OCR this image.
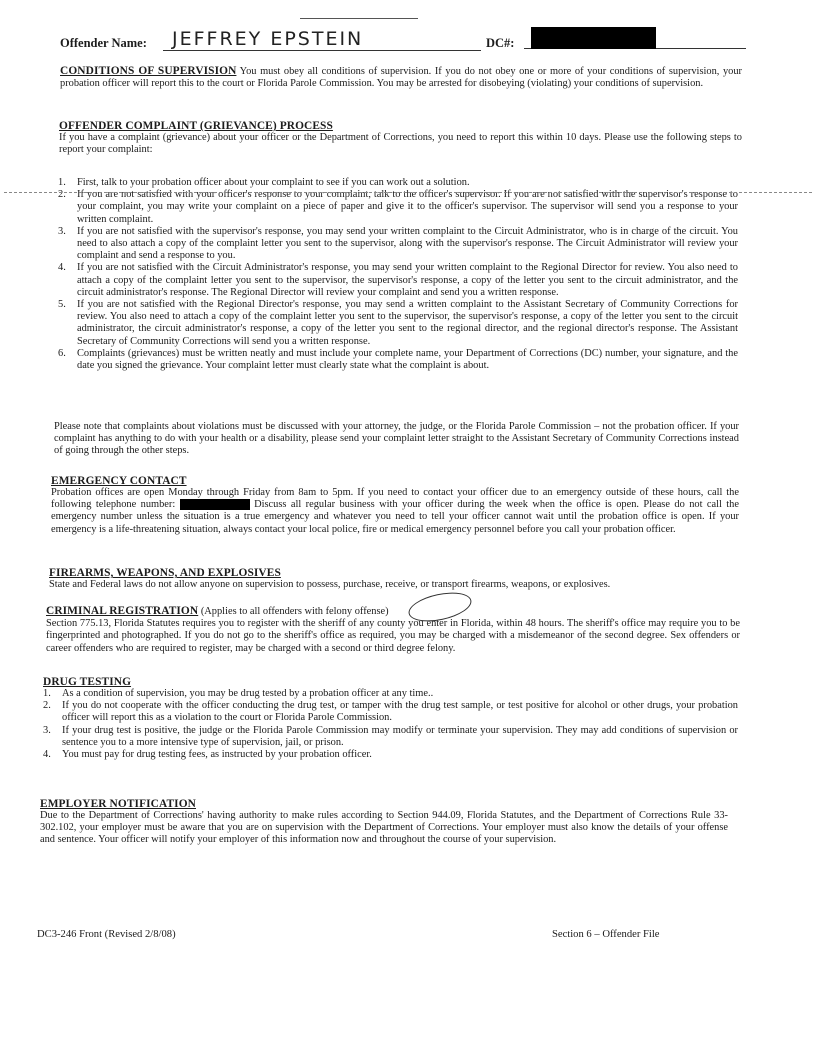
Offender Name: JEFFREY EPSTEIN	DC#:
CONDITIONS OF SUPERVISION You must obey all conditions of supervision. If you do not obey one or more of your conditions of supervision, your probation officer will report this to the court or Florida Parole Commission. You may be arrested for disobeying (violating) your conditions of supervision.
OFFENDER COMPLAINT (GRIEVANCE) PROCESS
If you have a complaint (grievance) about your officer or the Department of Corrections, you need to report this within 10 days. Please use the following steps to report your complaint:
1. First, talk to your probation officer about your complaint to see if you can work out a solution.
2. If you are not satisfied with your officer's response to your complaint, talk to the officer's supervisor. If you are not satisfied with the supervisor's response to your complaint, you may write your complaint on a piece of paper and give it to the officer's supervisor. The supervisor will send you a response to your written complaint.
3. If you are not satisfied with the supervisor's response, you may send your written complaint to the Circuit Administrator, who is in charge of the circuit. You need to also attach a copy of the complaint letter you sent to the supervisor, along with the supervisor's response. The Circuit Administrator will review your complaint and send a response to you.
4. If you are not satisfied with the Circuit Administrator's response, you may send your written complaint to the Regional Director for review. You also need to attach a copy of the complaint letter you sent to the supervisor, the supervisor's response, a copy of the letter you sent to the circuit administrator, and the circuit administrator's response. The Regional Director will review your complaint and send you a written response.
5. If you are not satisfied with the Regional Director's response, you may send a written complaint to the Assistant Secretary of Community Corrections for review. You also need to attach a copy of the complaint letter you sent to the supervisor, the supervisor's response, a copy of the letter you sent to the circuit administrator, the circuit administrator's response, a copy of the letter you sent to the regional director, and the regional director's response. The Assistant Secretary of Community Corrections will send you a written response.
6. Complaints (grievances) must be written neatly and must include your complete name, your Department of Corrections (DC) number, your signature, and the date you signed the grievance. Your complaint letter must clearly state what the complaint is about.
Please note that complaints about violations must be discussed with your attorney, the judge, or the Florida Parole Commission – not the probation officer. If your complaint has anything to do with your health or a disability, please send your complaint letter straight to the Assistant Secretary of Community Corrections instead of going through the other steps.
EMERGENCY CONTACT
Probation offices are open Monday through Friday from 8am to 5pm. If you need to contact your officer due to an emergency outside of these hours, call the following telephone number:	Discuss all regular business with your officer during the week when the office is open. Please do not call the emergency number unless the situation is a true emergency and whatever you need to tell your officer cannot wait until the probation office is open. If your emergency is a life-threatening situation, always contact your local police, fire or medical emergency personnel before you call your probation officer.
FIREARMS, WEAPONS, AND EXPLOSIVES
State and Federal laws do not allow anyone on supervision to possess, purchase, receive, or transport firearms, weapons, or explosives.
CRIMINAL REGISTRATION (Applies to all offenders with felony offense)
Section 775.13, Florida Statutes requires you to register with the sheriff of any county you enter in Florida, within 48 hours. The sheriff's office may require you to be fingerprinted and photographed. If you do not go to the sheriff's office as required, you may be charged with a misdemeanor of the second degree. Sex offenders or career offenders who are required to register, may be charged with a second or third degree felony.
DRUG TESTING
1. As a condition of supervision, you may be drug tested by a probation officer at any time..
2. If you do not cooperate with the officer conducting the drug test, or tamper with the drug test sample, or test positive for alcohol or other drugs, your probation officer will report this as a violation to the court or Florida Parole Commission.
3. If your drug test is positive, the judge or the Florida Parole Commission may modify or terminate your supervision. They may add conditions of supervision or sentence you to a more intensive type of supervision, jail, or prison.
4. You must pay for drug testing fees, as instructed by your probation officer.
EMPLOYER NOTIFICATION
Due to the Department of Corrections' having authority to make rules according to Section 944.09, Florida Statutes, and the Department of Corrections Rule 33-302.102, your employer must be aware that you are on supervision with the Department of Corrections. Your employer must also know the details of your offense and sentence. Your officer will notify your employer of this information now and throughout the course of your supervision.
DC3-246 Front (Revised 2/8/08)	Section 6 – Offender File
